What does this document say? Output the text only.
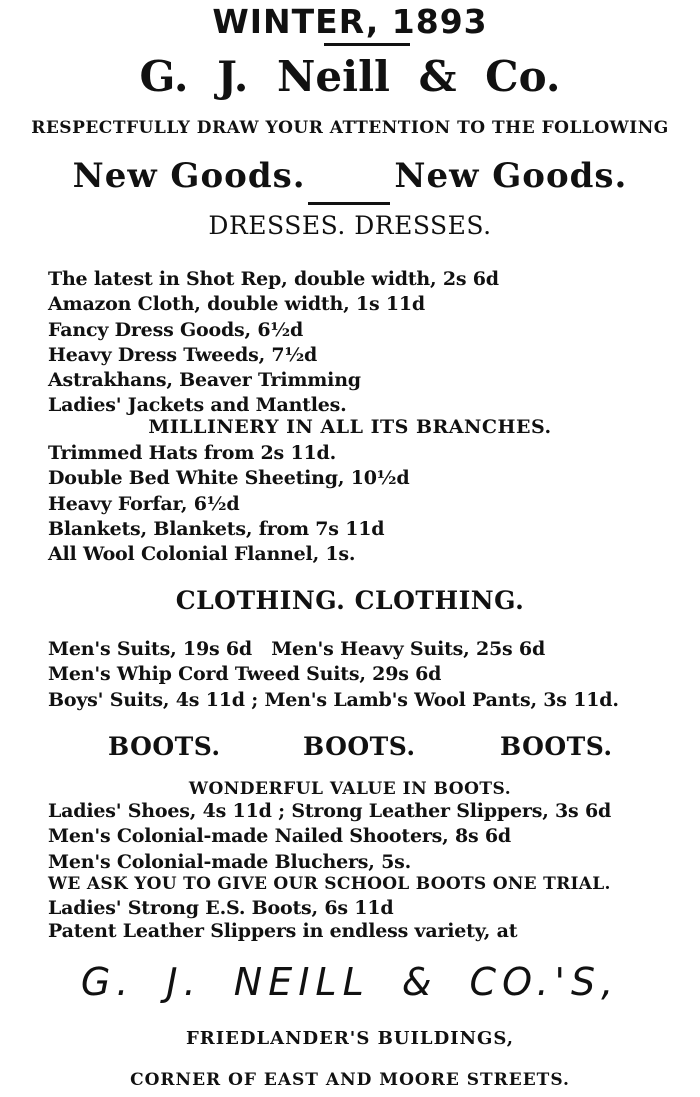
WINTER, 1893
G. J. Neill & Co.
RESPECTFULLY DRAW YOUR ATTENTION TO THE FOLLOWING
New Goods.	New Goods.
DRESSES. DRESSES.
The latest in Shot Rep, double width, 2s 6d
Amazon Cloth, double width, 1s 11d
Fancy Dress Goods, 6½d
Heavy Dress Tweeds, 7½d
Astrakhans, Beaver Trimming
Ladies' Jackets and Mantles.
MILLINERY IN ALL ITS BRANCHES.
Trimmed Hats from 2s 11d.
Double Bed White Sheeting, 10½d
Heavy Forfar, 6½d
Blankets, Blankets, from 7s 11d
All Wool Colonial Flannel, 1s.
CLOTHING. CLOTHING.
Men's Suits, 19s 6d   Men's Heavy Suits, 25s 6d
Men's Whip Cord Tweed Suits, 29s 6d
Boys' Suits, 4s 11d ; Men's Lamb's Wool Pants, 3s 11d.
BOOTS.	BOOTS.	BOOTS.
WONDERFUL VALUE IN BOOTS.
Ladies' Shoes, 4s 11d ; Strong Leather Slippers, 3s 6d
Men's Colonial-made Nailed Shooters, 8s 6d
Men's Colonial-made Bluchers, 5s.
WE ASK YOU TO GIVE OUR SCHOOL BOOTS ONE TRIAL.
Ladies' Strong E.S. Boots, 6s 11d
Patent Leather Slippers in endless variety, at
G. J. NEILL & CO.'S,
FRIEDLANDER'S BUILDINGS,
CORNER OF EAST AND MOORE STREETS.
